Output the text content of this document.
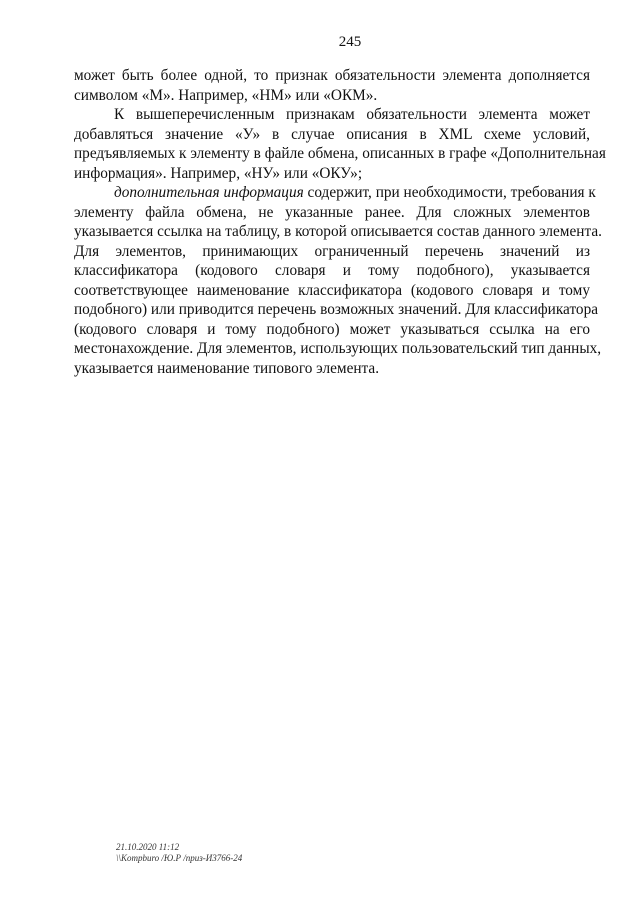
245
может быть более одной, то признак обязательности элемента дополняется
символом «М». Например, «НМ» или «ОКМ».
К вышеперечисленным признакам обязательности элемента может
добавляться значение «У» в случае описания в XML схеме условий,
предъявляемых к элементу в файле обмена, описанных в графе «Дополнительная
информация». Например, «НУ» или «ОКУ»;
дополнительная информация содержит, при необходимости, требования к
элементу файла обмена, не указанные ранее. Для сложных элементов
указывается ссылка на таблицу, в которой описывается состав данного элемента.
Для элементов, принимающих ограниченный перечень значений из
классификатора (кодового словаря и тому подобного), указывается
соответствующее наименование классификатора (кодового словаря и тому
подобного) или приводится перечень возможных значений. Для классификатора
(кодового словаря и тому подобного) может указываться ссылка на его
местонахождение. Для элементов, использующих пользовательский тип данных,
указывается наименование типового элемента.
21.10.2020 11:12
\\Kompburo /Ю.Р /приз-И3766-24
